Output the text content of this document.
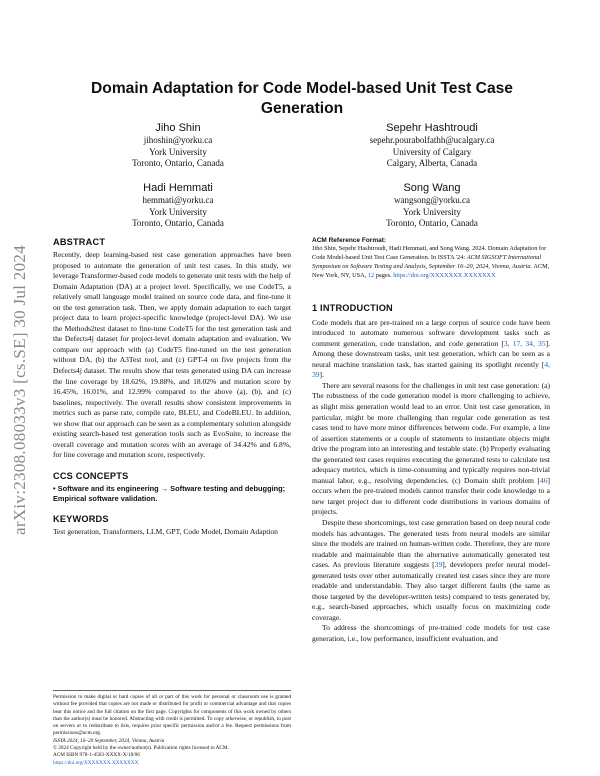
arXiv:2308.08033v3 [cs.SE] 30 Jul 2024
Domain Adaptation for Code Model-based Unit Test Case Generation
Jiho Shin
jihoshin@yorku.ca
York University
Toronto, Ontario, Canada
Sepehr Hashtroudi
sepehr.pourabolfathh@ucalgary.ca
University of Calgary
Calgary, Alberta, Canada
Hadi Hemmati
hemmati@yorku.ca
York University
Toronto, Ontario, Canada
Song Wang
wangsong@yorku.ca
York University
Toronto, Ontario, Canada
ABSTRACT

Recently, deep learning-based test case generation approaches have been proposed to automate the generation of unit test cases. In this study, we leverage Transformer-based code models to generate unit tests with the help of Domain Adaptation (DA) at a project level. Specifically, we use CodeT5, a relatively small language model trained on source code data, and fine-tune it on the test generation task. Then, we apply domain adaptation to each target project data to learn project-specific knowledge (project-level DA). We use the Methods2test dataset to fine-tune CodeT5 for the test generation task and the Defects4j dataset for project-level domain adaptation and evaluation. We compare our approach with (a) CodeT5 fine-tuned on the test generation without DA, (b) the A3Test tool, and (c) GPT-4 on five projects from the Defects4j dataset. The results show that tests generated using DA can increase the line coverage by 18.62%, 19.88%, and 18.02% and mutation score by 16.45%, 16.01%, and 12.99% compared to the above (a), (b), and (c) baselines, respectively. The overall results show consistent improvements in metrics such as parse rate, compile rate, BLEU, and CodeBLEU. In addition, we show that our approach can be seen as a complementary solution alongside existing search-based test generation tools such as EvoSuite, to increase the overall coverage and mutation scores with an average of 34.42% and 6.8%, for line coverage and mutation score, respectively.

CCS CONCEPTS

• Software and its engineering → Software testing and debugging; Empirical software validation.

KEYWORDS

Test generation, Transformers, LLM, GPT, Code Model, Domain Adaption

Permission to make digital or hard copies of all or part of this work for personal or classroom use is granted without fee provided that copies are not made or distributed for profit or commercial advantage and that copies bear this notice and the full citation on the first page. Copyrights for components of this work owned by others than the author(s) must be honored. Abstracting with credit is permitted. To copy otherwise, or republish, to post on servers or to redistribute to lists, requires prior specific permission and/or a fee. Request permissions from permissions@acm.org.

ISSTA 2024, 16–20 September, 2024, Vienna, Austria

© 2024 Copyright held by the owner/author(s). Publication rights licensed to ACM.

ACM ISBN 978-1-4503-XXXX-X/18/06

https://doi.org/XXXXXXX.XXXXXXX

ACM Reference Format:

Jiho Shin, Sepehr Hashtroudi, Hadi Hemmati, and Song Wang. 2024. Domain Adaptation for Code Model-based Unit Test Case Generation. In ISSTA '24: ACM SIGSOFT International Symposium on Software Testing and Analysis, September 16–20, 2024, Vienna, Austria. ACM, New York, NY, USA, 12 pages. https://doi.org/XXXXXXX.XXXXXXX

1 INTRODUCTION

Code models that are pre-trained on a large corpus of source code have been introduced to automate numerous software development tasks such as comment generation, code translation, and code generation [3, 17, 34, 35]. Among these downstream tasks, unit test generation, which can be seen as a neural machine translation task, has started gaining its spotlight recently [4, 39].

There are several reasons for the challenges in unit test case generation: (a) The robustness of the code generation model is more challenging to achieve, as slight miss generation would lead to an error. Unit test case generation, in particular, might be more challenging than regular code generation as test cases tend to have more minor differences between code. For example, a line of assertion statements or a couple of statements to instantiate objects might drive the program into an interesting and testable state. (b) Properly evaluating the generated test cases requires executing the generated tests to calculate test adequacy metrics, which is time-consuming and typically requires non-trivial manual labor, e.g., resolving dependencies. (c) Domain shift problem [46] occurs when the pre-trained models cannot transfer their code knowledge to a new target project due to different code distributions in various domains of projects.

Despite these shortcomings, test case generation based on deep neural code models has advantages. The generated tests from neural models are similar since the models are trained on human-written code. Therefore, they are more readable and maintainable than the alternative automatically generated test cases. As previous literature suggests [39], developers prefer neural model-generated tests over other automatically created test cases since they are more readable and understandable. They also target different faults (the same as those targeted by the developer-written tests) compared to tests generated by, e.g., search-based approaches, which usually focus on maximizing code coverage.

To address the shortcomings of pre-trained code models for test case generation, i.e., low performance, insufficient evaluation, and
